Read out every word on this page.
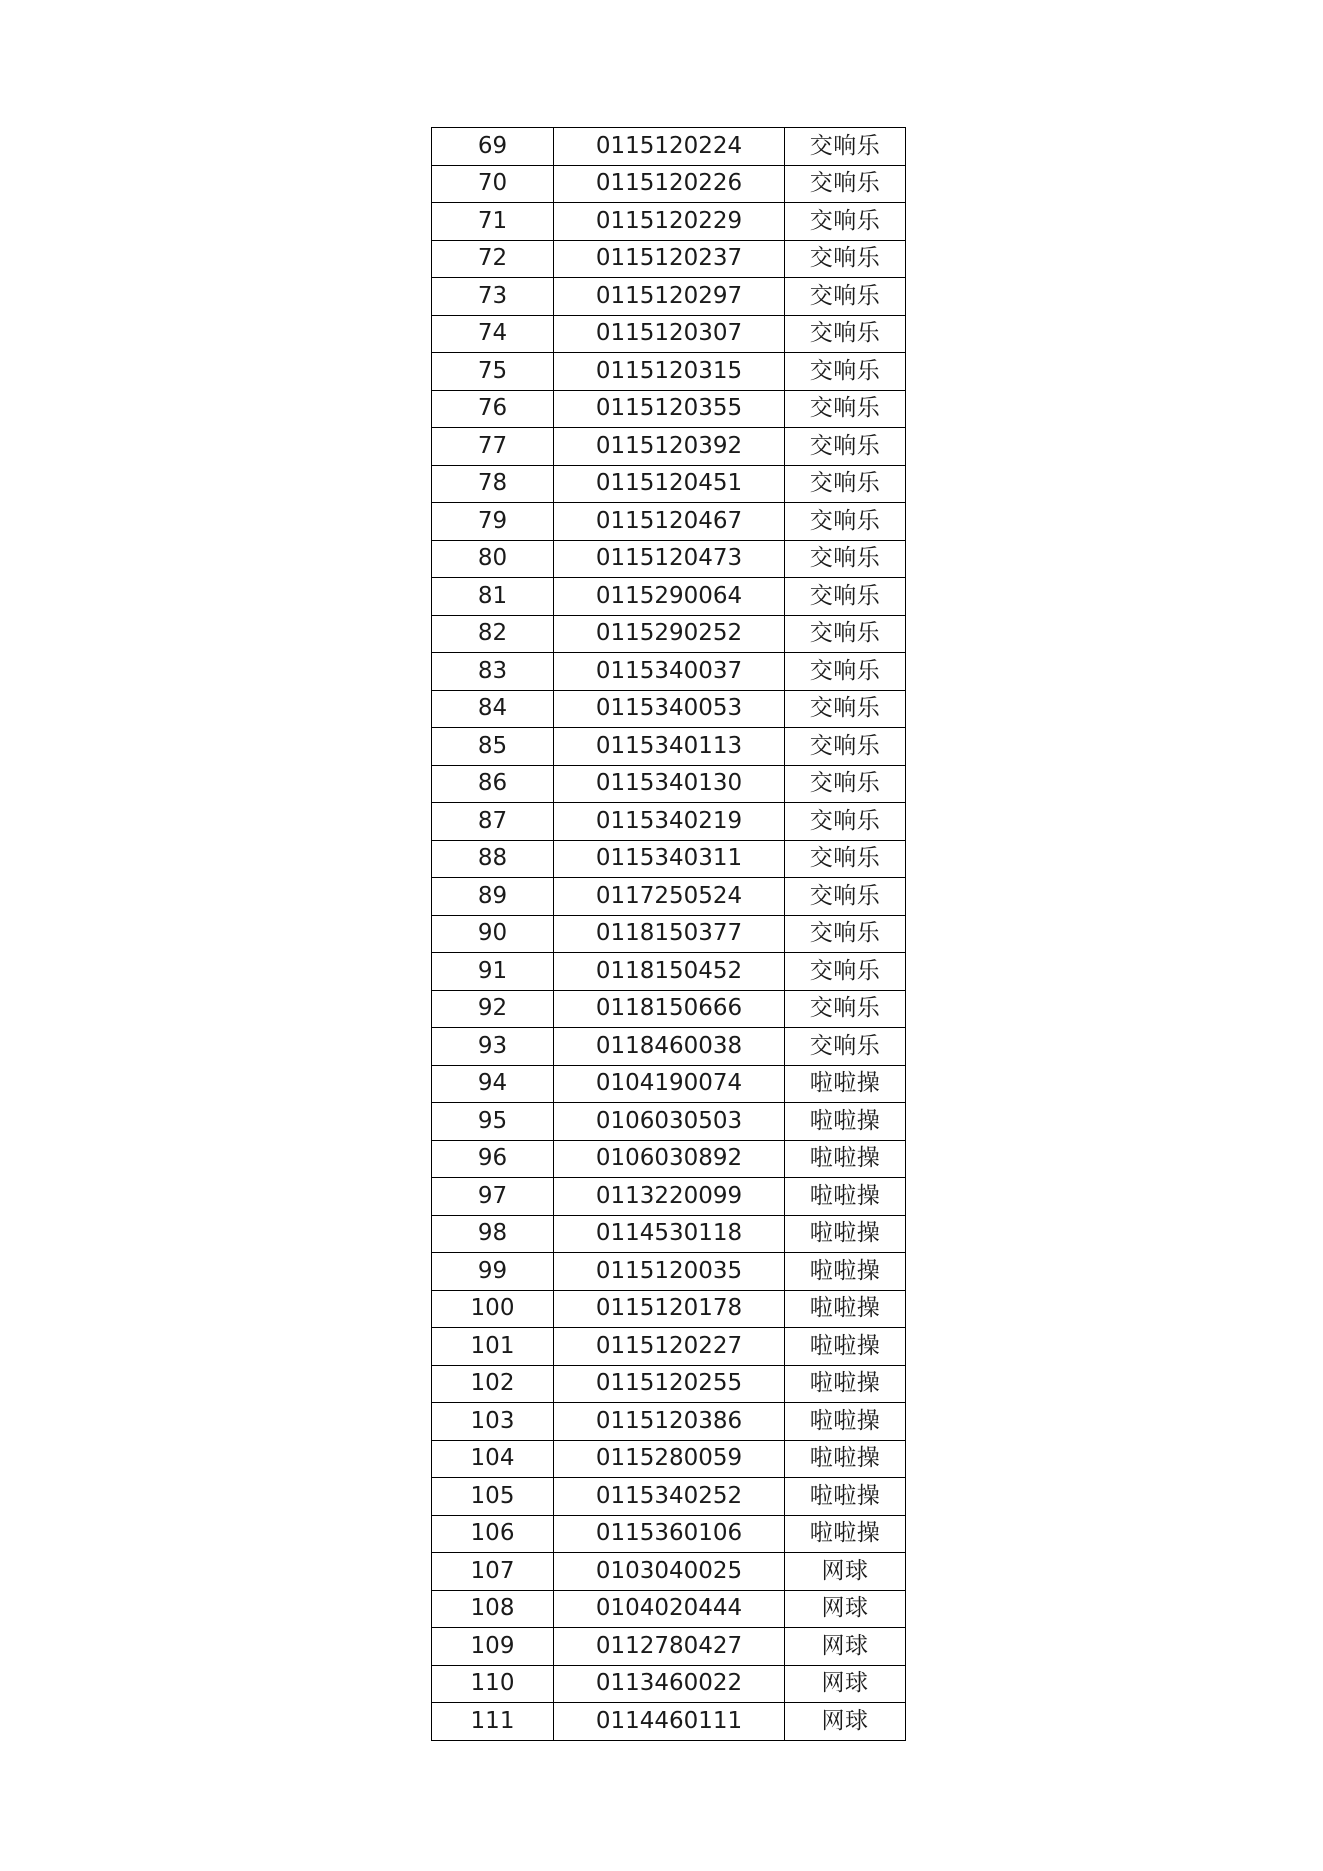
69	0115120224	交响乐
70	0115120226	交响乐
71	0115120229	交响乐
72	0115120237	交响乐
73	0115120297	交响乐
74	0115120307	交响乐
75	0115120315	交响乐
76	0115120355	交响乐
77	0115120392	交响乐
78	0115120451	交响乐
79	0115120467	交响乐
80	0115120473	交响乐
81	0115290064	交响乐
82	0115290252	交响乐
83	0115340037	交响乐
84	0115340053	交响乐
85	0115340113	交响乐
86	0115340130	交响乐
87	0115340219	交响乐
88	0115340311	交响乐
89	0117250524	交响乐
90	0118150377	交响乐
91	0118150452	交响乐
92	0118150666	交响乐
93	0118460038	交响乐
94	0104190074	啦啦操
95	0106030503	啦啦操
96	0106030892	啦啦操
97	0113220099	啦啦操
98	0114530118	啦啦操
99	0115120035	啦啦操
100	0115120178	啦啦操
101	0115120227	啦啦操
102	0115120255	啦啦操
103	0115120386	啦啦操
104	0115280059	啦啦操
105	0115340252	啦啦操
106	0115360106	啦啦操
107	0103040025	网球
108	0104020444	网球
109	0112780427	网球
110	0113460022	网球
111	0114460111	网球
